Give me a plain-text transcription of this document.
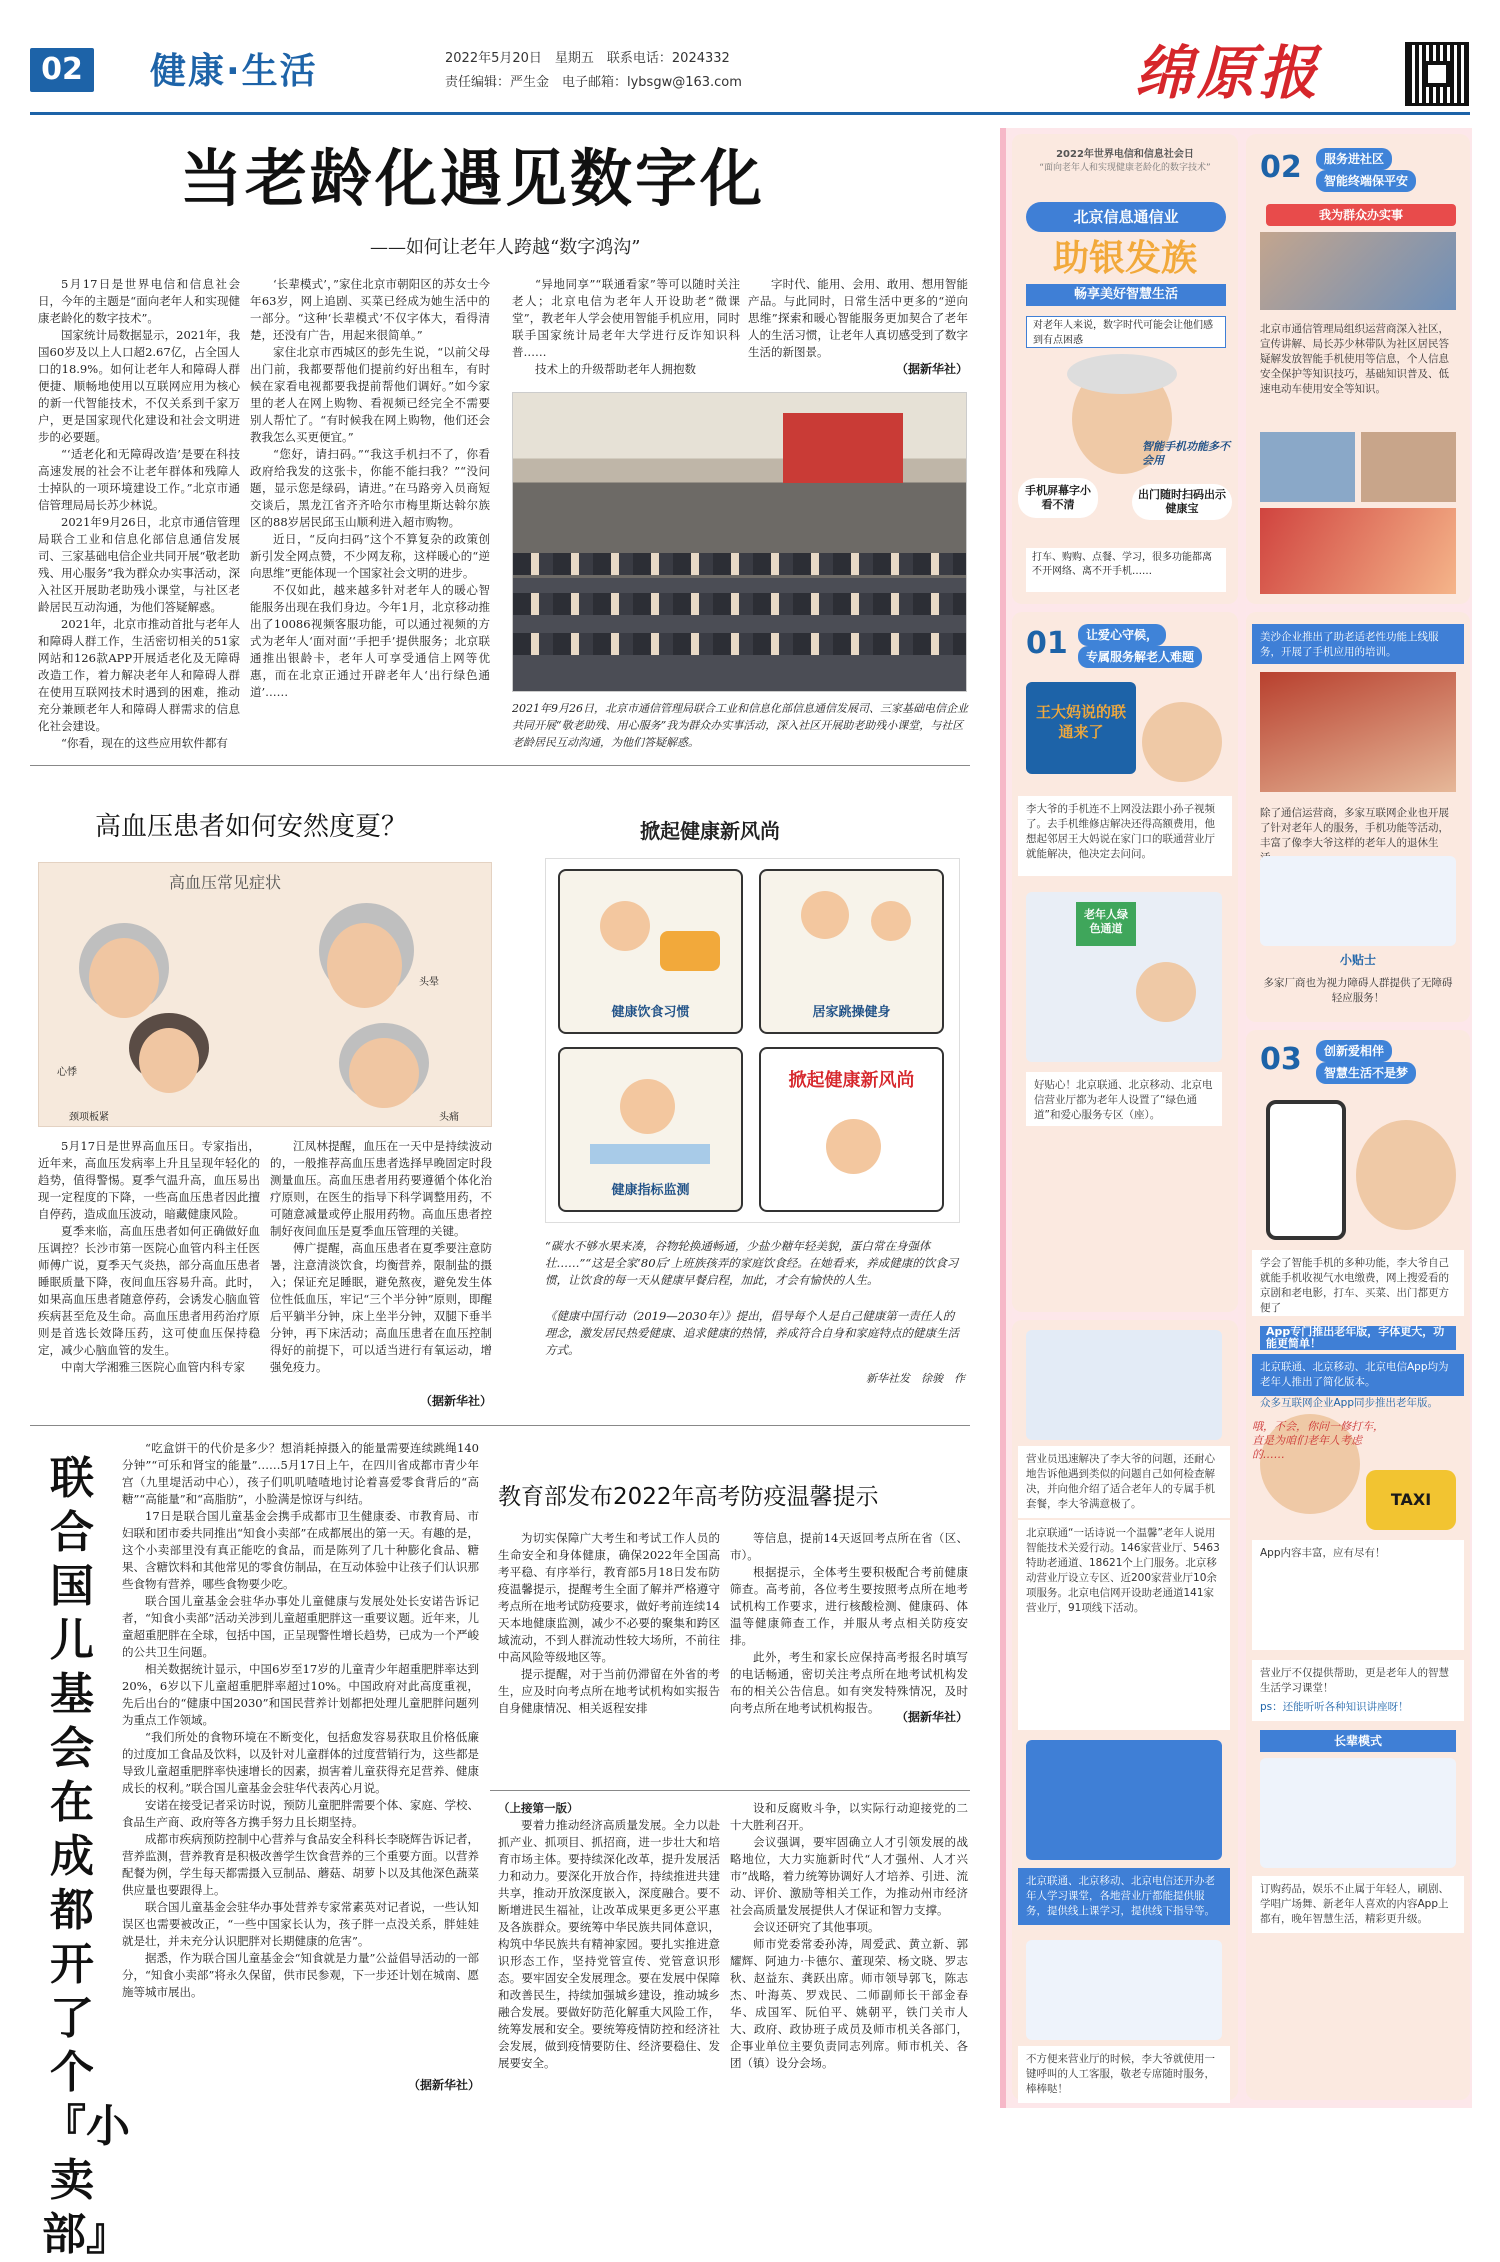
02	健康·生活	2022年5月20日　星期五　联系电话：2024332
责任编辑：严生金　电子邮箱：lybsgw@163.com	绵原报
当老龄化遇见数字化
——如何让老年人跨越“数字鸿沟”

5月17日是世界电信和信息社会日，今年的主题是“面向老年人和实现健康老龄化的数字技术”。

国家统计局数据显示，2021年，我国60岁及以上人口超2.67亿，占全国人口的18.9%。如何让老年人和障碍人群便捷、顺畅地使用以互联网应用为核心的新一代智能技术，不仅关系到千家万户，更是国家现代化建设和社会文明进步的必要题。

“‘适老化和无障碍改造’是要在科技高速发展的社会不让老年群体和残障人士掉队的一项环境建设工作。”北京市通信管理局局长苏少林说。

2021年9月26日，北京市通信管理局联合工业和信息化部信息通信发展司、三家基础电信企业共同开展“敬老助残、用心服务”我为群众办实事活动，深入社区开展助老助残小课堂，与社区老龄居民互动沟通，为他们答疑解惑。

2021年，北京市推动首批与老年人和障碍人群工作，生活密切相关的51家网站和126款APP开展适老化及无障碍改造工作，着力解决老年人和障碍人群在使用互联网技术时遇到的困难，推动充分兼顾老年人和障碍人群需求的信息化社会建设。

“你看，现在的这些应用软件都有

‘长辈模式’，”家住北京市朝阳区的苏女士今年63岁，网上追剧、买菜已经成为她生活中的一部分。“这种‘长辈模式’不仅字体大，看得清楚，还没有广告，用起来很简单。”

家住北京市西城区的彭先生说，“以前父母出门前，我都要帮他们提前约好出租车，有时候在家看电视都要我提前帮他们调好。”如今家里的老人在网上购物、看视频已经完全不需要别人帮忙了。“有时候我在网上购物，他们还会教我怎么买更便宜。”

“您好，请扫码。”“我这手机扫不了，你看政府给我发的这张卡，你能不能扫我？”“没问题，显示您是绿码，请进。”在马路旁入员商短交谈后，黑龙江省齐齐哈尔市梅里斯达斡尔族区的88岁居民邱玉山顺利进入超市购物。

近日，“反向扫码”这个不算复杂的政策创新引发全网点赞，不少网友称，这样暖心的“逆向思维”更能体现一个国家社会文明的进步。

不仅如此，越来越多针对老年人的暖心智能服务出现在我们身边。今年1月，北京移动推出了10086视频客服功能，可以通过视频的方式为老年人‘面对面’‘手把手’提供服务；北京联通推出银龄卡，老年人可享受通信上网等优惠，而在北京正通过开辟老年人‘出行绿色通道’……

“异地同享”“联通看家”等可以随时关注老人；北京电信为老年人开设助老“微课堂”，教老年人学会使用智能手机应用，同时联手国家统计局老年大学进行反诈知识科普……

技术上的升级帮助老年人拥抱数

字时代、能用、会用、敢用、想用智能产品。与此同时，日常生活中更多的“逆向思维”探索和暖心智能服务更加契合了老年人的生活习惯，让老年人真切感受到了数字生活的新图景。

（据新华社）
2021年9月26日，北京市通信管理局联合工业和信息化部信息通信发展司、三家基础电信企业共同开展“敬老助残、用心服务”我为群众办实事活动，深入社区开展助老助残小课堂，与社区老龄居民互动沟通，为他们答疑解惑。
高血压患者如何安然度夏？
高血压常见症状
头晕
心悸
颈项板紧	头痛

5月17日是世界高血压日。专家指出，近年来，高血压发病率上升且呈现年轻化的趋势，值得警惕。夏季气温升高，血压易出现一定程度的下降，一些高血压患者因此擅自停药，造成血压波动，暗藏健康风险。

夏季来临，高血压患者如何正确做好血压调控？长沙市第一医院心血管内科主任医师傅广说，夏季天气炎热，部分高血压患者睡眠质量下降，夜间血压容易升高。此时，如果高血压患者随意停药，会诱发心脑血管疾病甚至危及生命。高血压患者用药治疗原则是首选长效降压药，这可使血压保持稳定，减少心脑血管的发生。

中南大学湘雅三医院心血管内科专家

江凤林提醒，血压在一天中是持续波动的，一般推荐高血压患者选择早晚固定时段测量血压。高血压患者用药要遵循个体化治疗原则，在医生的指导下科学调整用药，不可随意减量或停止服用药物。高血压患者控制好夜间血压是夏季血压管理的关键。

傅广提醒，高血压患者在夏季要注意防暑，注意清淡饮食，均衡营养，限制盐的摄入；保证充足睡眠，避免熬夜，避免发生体位性低血压，牢记“三个半分钟”原则，即醒后平躺半分钟，床上坐半分钟，双腿下垂半分钟，再下床活动；高血压患者在血压控制得好的前提下，可以适当进行有氧运动，增强免疫力。

（据新华社）
掀起健康新风尚
健康饮食习惯	居家跳操健身
健康指标监测
掀起健康新风尚
“碳水不够水果来凑，谷物轮换通畅通，少盐少糖年轻美貌，蛋白常在身强体壮……”“这是全家‘80后’上班族孩弄的家庭饮食经。在她看来，养成健康的饮食习惯，让饮食的每一天从健康早餐启程，加此，才会有愉快的人生。
《健康中国行动（2019—2030年）》提出，倡导每个人是自己健康第一责任人的理念，激发居民热爱健康、追求健康的热情，养成符合自身和家庭特点的健康生活方式。
新华社发　徐骏　作
联合国儿基会在成都开了个『小卖部』

“吃盒饼干的代价是多少？想消耗掉摄入的能量需要连续跳绳140分钟”“可乐和肾宝的能量”……5月17日上午，在四川省成都市青少年宫（九里堤活动中心），孩子们叽叽喳喳地讨论着喜爱零食背后的“高糖”“高能量”和“高脂肪”，小脸满是惊讶与纠结。

17日是联合国儿童基金会携手成都市卫生健康委、市教育局、市妇联和团市委共同推出“知食小卖部”在成都展出的第一天。有趣的是，这个小卖部里没有真正能吃的食品，而是陈列了几十种膨化食品、糖果、含糖饮料和其他常见的零食仿制品，在互动体验中让孩子们认识那些食物有营养，哪些食物要少吃。

联合国儿童基金会驻华办事处儿童健康与发展处处长安诺告诉记者，“知食小卖部”活动关涉到儿童超重肥胖这一重要议题。近年来，儿童超重肥胖在全球，包括中国，正呈现警性增长趋势，已成为一个严峻的公共卫生问题。

相关数据统计显示，中国6岁至17岁的儿童青少年超重肥胖率达到20%，6岁以下儿童超重肥胖率超过10%。中国政府对此高度重视，先后出台的“健康中国2030”和国民营养计划都把处理儿童肥胖问题列为重点工作领域。

“我们所处的食物环境在不断变化，包括愈发容易获取且价格低廉的过度加工食品及饮料，以及针对儿童群体的过度营销行为，这些都是导致儿童超重肥胖率快速增长的因素，损害着儿童获得充足营养、健康成长的权利。”联合国儿童基金会驻华代表芮心月说。

安诺在接受记者采访时说，预防儿童肥胖需要个体、家庭、学校、食品生产商、政府等各方携手努力且长期坚持。

成都市疾病预防控制中心营养与食品安全科科长李晓辉告诉记者，营养监测，营养教育是积极改善学生饮食营养的三个重要方面。以营养配餐为例，学生每天都需摄入豆制品、蘑菇、胡萝卜以及其他深色蔬菜供应量也要跟得上。

联合国儿童基金会驻华办事处营养专家常素英对记者说，一些认知误区也需要被改正，“一些中国家长认为，孩子胖一点没关系，胖娃娃就是壮，并未充分认识肥胖对长期健康的危害”。

据悉，作为联合国儿童基金会“知食就是力量”公益倡导活动的一部分，“知食小卖部”将永久保留，供市民参观，下一步还计划在城南、愿施等城市展出。

（据新华社）
教育部发布2022年高考防疫温馨提示

为切实保障广大考生和考试工作人员的生命安全和身体健康，确保2022年全国高考平稳、有序举行，教育部5月18日发布防疫温馨提示，提醒考生全面了解并严格遵守考点所在地考试防疫要求，做好考前连续14天本地健康监测，减少不必要的聚集和跨区域流动，不到人群流动性较大场所，不前往中高风险等级地区等。

提示提醒，对于当前仍滞留在外省的考生，应及时向考点所在地考试机构如实报告自身健康情况、相关返程安排

等信息，提前14天返回考点所在省（区、市）。

根据提示，全体考生要积极配合考前健康筛查。高考前，各位考生要按照考点所在地考试机构工作要求，进行核酸检测、健康码、体温等健康筛查工作，并服从考点相关防疫安排。

此外，考生和家长应保持高考报名时填写的电话畅通，密切关注考点所在地考试机构发布的相关公告信息。如有突发特殊情况，及时向考点所在地考试机构报告。

（据新华社）
（上接第一版）

要着力推动经济高质量发展。全力以赴抓产业、抓项目、抓招商，进一步壮大和培育市场主体。要持续深化改革，提升发展活力和动力。要深化开放合作，持续推进共建共享，推动开放深度嵌入，深度融合。要不断增进民生福祉，让改革成果更多更公平惠及各族群众。要统筹中华民族共同体意识，构筑中华民族共有精神家园。要扎实推进意识形态工作，坚持党管宣传、党管意识形态。要牢固安全发展理念。要在发展中保障和改善民生，持续加强城乡建设，推动城乡融合发展。要做好防范化解重大风险工作，统筹发展和安全。要统筹疫情防控和经济社会发展，做到疫情要防住、经济要稳住、发展要安全。

设和反腐败斗争，以实际行动迎接党的二十大胜利召开。

会议强调，要牢固确立人才引领发展的战略地位，大力实施新时代“人才强州、人才兴市”战略，着力统筹协调好人才培养、引进、流动、评价、激励等相关工作，为推动州市经济社会高质量发展提供人才保证和智力支撑。

会议还研究了其他事项。

师市党委常委孙涛，周爱武、黄立新、郭耀辉、阿迪力·卡德尔、董现荣、杨文晓、罗志秋、赵益东、龚跃出席。师市领导郭飞，陈志杰、叶海英、罗戏民、二师副师长干部金春华、成国军、阮伯平、姚朝平，铁门关市人大、政府、政协班子成员及师市机关各部门，企事业单位主要负责同志列席。师市机关、各团（镇）设分会场。

2022年世界电信和信息社会日
“面向老年人和实现健康老龄化的数字技术”
北京信息通信业
助银发族
畅享美好智慧生活
对老年人来说，数字时代可能会让他们感到有点困惑
智能手机功能多不会用
手机屏幕字小看不清
出门随时扫码出示健康宝
打车、购购、点餐、学习，很多功能都离不开网络、离不开手机……
02	服务进社区
智能终端保平安
我为群众办实事
北京市通信管理局组织运营商深入社区，宣传讲解、局长苏少林带队为社区居民答疑解发放智能手机使用等信息，个人信息安全保护等知识技巧，基础知识普及、低速电动车使用安全等知识。
01	让爱心守候，
专属服务解老人难题
王大妈说的联通来了
李大爷的手机连不上网没法跟小孙子视频了。去手机维修店解决还得高额费用，他想起邻居王大妈说在家门口的联通营业厅就能解决，他决定去问问。
老年人绿色通道
好贴心！北京联通、北京移动、北京电信营业厅都为老年人设置了“绿色通道”和爱心服务专区（座）。
美沙企业推出了助老适老性功能上线服务，开展了手机应用的培训。
除了通信运营商，多家互联网企业也开展了针对老年人的服务，手机功能等活动，丰富了像李大爷这样的老年人的退休生
小贴士
多家厂商也为视力障碍人群提供了无障碍轻应服务！
03	创新爱相伴
智慧生活不是梦
学会了智能手机的多种功能，李大爷自己就能手机收视气水电缴费，网上搜爱看的京剧和老电影，打车、买菜、出门都更方便了
App专门推出老年版，字体更大，功能更简单！
北京联通、北京移动、北京电信App均为老年人推出了简化版本。
众多互联网企业App同步推出老年版。
哦，不会，你问一修打车，直是为咱们老年人考虑的……
TAXI
App内容丰富，应有尽有！
营业厅不仅提供帮助，更是老年人的智慧生活学习课堂！
ps：还能听听各种知识讲座呀！
长辈模式
订购药品，娱乐不止属于年轻人，刷剧、学唱广场舞、新老年人喜欢的内容App上都有，晚年智慧生活，精彩更升级。
营业员迅速解决了李大爷的问题，还耐心地告诉他遇到类似的问题自己如何检查解决，并向他介绍了适合老年人的专属手机套餐，李大爷满意极了。
北京联通“一话诗说一个温馨”老年人说用智能技术关爱行动。146家营业厅、5463特助老通道、18621个上门服务。北京移动营业厅设立专区、近200家营业厅10余项服务。北京电信网开设助老通道141家营业厅，91项线下活动。
北京联通、北京移动、北京电信还开办老年人学习课堂，各地营业厅都能提供服务，提供线上课学习，提供线下指导等。
不方便来营业厅的时候，李大爷就使用一键呼叫的人工客服，敬老专席随时服务，棒棒哒！
